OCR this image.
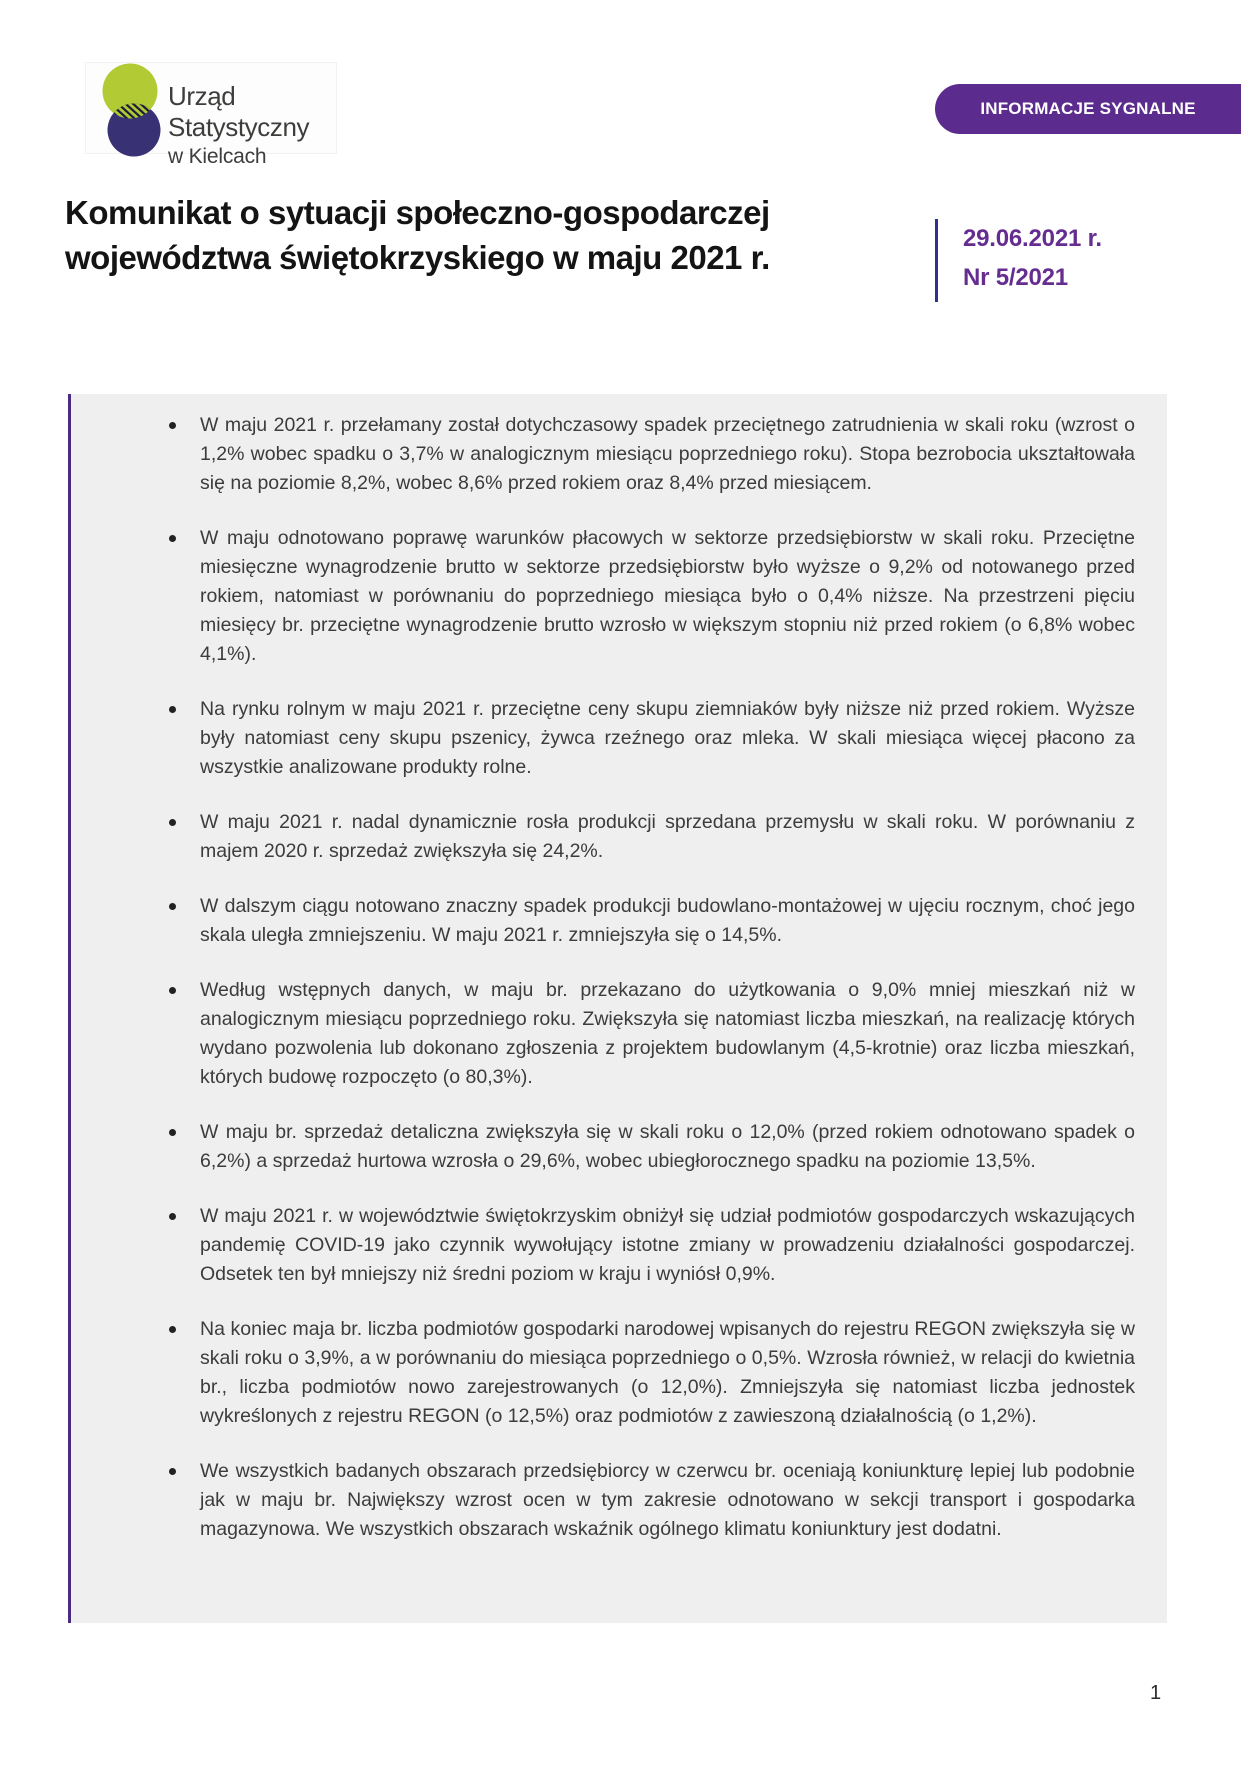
Urząd Statystyczny
w Kielcach
INFORMACJE SYGNALNE
Komunikat o sytuacji społeczno-gospodarczej
województwa świętokrzyskiego w maju 2021 r.
29.06.2021 r.
Nr 5/2021
W maju 2021 r. przełamany został dotychczasowy spadek przeciętnego zatrudnienia w skali roku (wzrost o 1,2% wobec spadku o 3,7% w analogicznym miesiącu poprzedniego roku). Stopa bezrobocia ukształtowała się na poziomie 8,2%, wobec 8,6% przed rokiem oraz 8,4% przed miesiącem.
W maju odnotowano poprawę warunków płacowych w sektorze przedsiębiorstw w skali roku. Przeciętne miesięczne wynagrodzenie brutto w sektorze przedsiębiorstw było wyższe o 9,2% od notowanego przed rokiem, natomiast w porównaniu do poprzedniego miesiąca było o 0,4% niższe. Na przestrzeni pięciu miesięcy br. przeciętne wynagrodzenie brutto wzrosło w większym stopniu niż przed rokiem (o 6,8% wobec 4,1%).
Na rynku rolnym w maju 2021 r. przeciętne ceny skupu ziemniaków były niższe niż przed rokiem. Wyższe były natomiast ceny skupu pszenicy, żywca rzeźnego oraz mleka. W skali miesiąca więcej płacono za wszystkie analizowane produkty rolne.
W maju 2021 r. nadal dynamicznie rosła produkcji sprzedana przemysłu w skali roku. W porównaniu z majem 2020 r. sprzedaż zwiększyła się 24,2%.
W dalszym ciągu notowano znaczny spadek produkcji budowlano-montażowej w ujęciu rocznym, choć jego skala uległa zmniejszeniu. W maju 2021 r. zmniejszyła się o 14,5%.
Według wstępnych danych, w maju br. przekazano do użytkowania o 9,0% mniej mieszkań niż w analogicznym miesiącu poprzedniego roku. Zwiększyła się natomiast liczba mieszkań, na realizację których wydano pozwolenia lub dokonano zgłoszenia z projektem budowlanym (4,5-krotnie) oraz liczba mieszkań, których budowę rozpoczęto (o 80,3%).
W maju br. sprzedaż detaliczna zwiększyła się w skali roku o 12,0% (przed rokiem odnotowano spadek o 6,2%) a sprzedaż hurtowa wzrosła o 29,6%, wobec ubiegłorocznego spadku na poziomie 13,5%.
W maju 2021 r. w województwie świętokrzyskim obniżył się udział podmiotów gospodarczych wskazujących pandemię COVID-19 jako czynnik wywołujący istotne zmiany w prowadzeniu działalności gospodarczej. Odsetek ten był mniejszy niż średni poziom w kraju i wyniósł 0,9%.
Na koniec maja br. liczba podmiotów gospodarki narodowej wpisanych do rejestru REGON zwiększyła się w skali roku o 3,9%, a w porównaniu do miesiąca poprzedniego o 0,5%. Wzrosła również, w relacji do kwietnia br., liczba podmiotów nowo zarejestrowanych (o 12,0%). Zmniejszyła się natomiast liczba jednostek wykreślonych z rejestru REGON (o 12,5%) oraz podmiotów z zawieszoną działalnością (o 1,2%).
We wszystkich badanych obszarach przedsiębiorcy w czerwcu br. oceniają koniunkturę lepiej lub podobnie jak w maju br. Największy wzrost ocen w tym zakresie odnotowano w sekcji transport i gospodarka magazynowa. We wszystkich obszarach wskaźnik ogólnego klimatu koniunktury jest dodatni.
1
